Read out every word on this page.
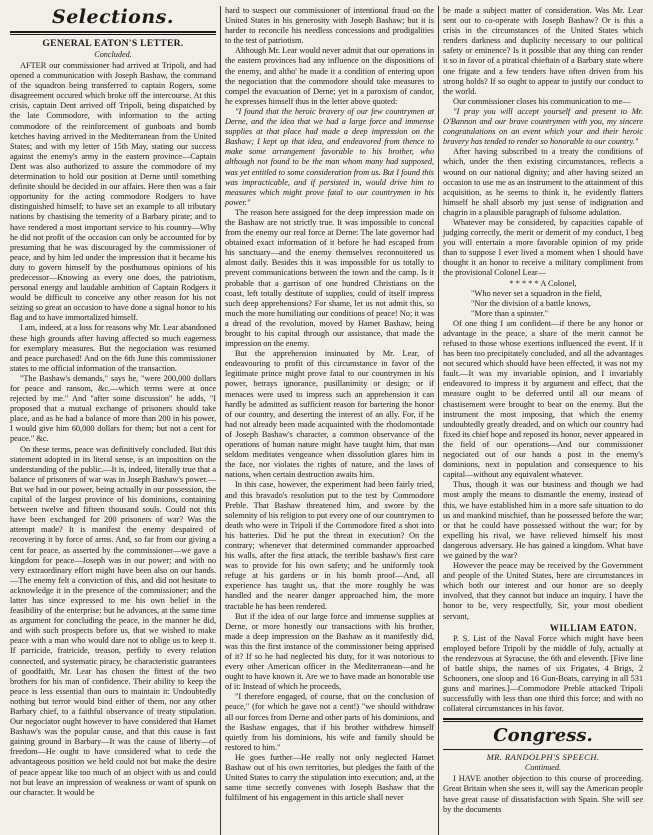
Selections.
GENERAL EATON'S LETTER.
Concluded.

AFTER our commissioner had arrived at Tripoli, and had opened a communication with Joseph Bashaw, the command of the squadron being transferred to captain Rogers, some disagreement occured which broke off the intercourse. At this crisis, captain Dent arrived off Tripoli, being dispatched by the late Commodore, with information to the acting commodore of the reinforcement of gunboats and bomb ketches having arrived in the Mediterranean from the United States; and with my letter of 15th May, stating our success against the enemy's army in the eastern province—Captain Dent was also authorized to assure the commodore of my determination to hold our position at Derne until something definite should be decided in our affairs. Here then was a fair opportunity for the acting commodore Rodgers to have distinguished himself; to have set an example to all tributary nations by chastising the temerity of a Barbary pirate; and to have rendered a most important service to his country—Why he did not profit of the occasion can only be accounted for by presuming that he was discouraged by the commissioner of peace, and by him led under the impression that it became his duty to govern himself by the posthumous opinions of his predecessor—Knowing as every one does, the patriotism, personal energy and laudable ambition of Captain Rodgers it would be difficult to conceive any other reason for his not seizing so great an occasion to have done a signal honor to his flag and to have immortalized himself.

I am, indeed, at a loss for reasons why Mr. Lear abandoned these high grounds after having affected so much eagerness for exemplary measures. But the negociation was resumed and peace purchased! And on the 6th June this commissioner states to me official information of the transaction.

"The Bashaw's demands," says he, "were 200,000 dollars for peace and ransom, &c.—which terms were at once rejected by me." And "after some discussion" he adds, "I proposed that a mutual exchange of prisoners should take place, and as he had a balance of more than 200 in his power, I would give him 60,000 dollars for them; but not a cent for peace." &c.

On these terms, peace was definitively concluded. But this statement adopted in its literal sense, is an imposition on the understanding of the public.—It is, indeed, literally true that a balance of prisoners of war was in Joseph Bashaw's power.—But we had in our power, being actually in our possession, the capital of the largest province of his dominions, containing between twelve and fifteen thousand souls. Could not this have been exchanged for 200 prisoners of war? Was the attempt made? It is manifest the enemy despaired of recovering it by force of arms. And, so far from our giving a cent for peace, as asserted by the commissioner—we gave a kingdom for peace—Joseph was in our power; and with no very extraordinary effort might have been also on our hands.—The enemy felt a conviction of this, and did not hesitate to acknowledge it in the presence of the commissioner; and the latter has since expressed to me his own belief in the feasibility of the enterprise: but he advances, at the same time as argument for concluding the peace, in the manner he did, and with such prospects before us, that we wished to make peace with a man who would dare not to oblige us to keep it. If parricide, fratricide, treason, perfidy to every relation connected, and systematic piracy, be characteristic guarantees of goodfaith, Mr. Lear has chosen the fittest of the two brothers for his man of confidence. Their ability to keep the peace is less essential than ours to maintain it: Undoubtedly nothing but terror would bind either of them, nor any other Barbary chief, to a faithful observance of treaty stipulation. Our negociator ought however to have considered that Hamet Bashaw's was the popular cause, and that this cause is fast gaining ground in Barbary—It was the cause of liberty—of freedom—He ought to have considered what to cede the advantageous position we held could not but make the desire of peace appear like too much of an object with us and could not but leave an impression of weakness or want of spunk on our character. It would be

hard to suspect our commissioner of intentional fraud on the United States in his generosity with Joseph Bashaw; but it is harder to reconcile his needless concessions and prodigalities to the test of patriotism.

Although Mr. Lear would never admit that our operations in the eastern provinces had any influence on the dispositions of the enemy, and altho' he made it a condition of entering upon the negociation that the commodore should take measures to compel the evacuation of Derne; yet in a paroxism of candor, he expresses himself thus in the letter above quoted:

"I found that the heroic bravery of our few countrymen at Derne, and the idea that we had a large force and immense supplies at that place had made a deep impression on the Bashaw; I kept up that idea, and endeavored from thence to make some arrangement favorable to his brother, who although not found to be the man whom many had supposed, was yet entitled to some consideration from us. But I found this was impracticable, and if persisted in, would drive him to measures which might prove fatal to our countrymen in his power."

The reason here assigned for the deep impression made on the Bashaw are not strictly true. It was impossible to conceal from the enemy our real force at Derne: The late governor had obtained exact information of it before he had escaped from his sanctuary—and the enemy themselves reconnoitered us almost daily. Besides this it was impossible for us totally to prevent communications between the town and the camp. Is it probable that a garrison of one hundred Christians on the coast, left totally destitute of supplies, could of itself impress such deep apprehensions? For shame, let us not admit this, so much the more humiliating our conditions of peace! No; it was a dread of the revolution, moved by Hamet Bashaw, being brought to his capital through our assistance, that made the impression on the enemy.

But the apprehension insinuated by Mr. Lear, of endeavouring to profit of this circumstance in favor of the legitimate prince might prove fatal to our countrymen in his power, betrays ignorance, pusillanimity or design; or if menaces were used to impress such an apprehension it can hardly be admitted as sufficient reason for bartering the honor of our country, and deserting the interest of an ally. For, if he had not already been made acquainted with the rhodomontade of Joseph Bashaw's character, a common observance of the operations of human nature might have taught him, that man seldom meditates vengeance when dissolution glares him in the face, nor violates the rights of nature, and the laws of nations, when certain destruction awaits him.

In this case, however, the experiment had been fairly tried, and this bravado's resolution put to the test by Commodore Preble. That Bashaw threatened him, and swore by the solemnity of his religion to put every one of our countrymen to death who were in Tripoli if the Commodore fired a shot into his batteries. Did he put the threat in execution? On the contrary; whenever that determined commander approached his walls, after the first attack, the terrible bashaw's first care was to provide for his own safety; and he uniformly took refuge at his gardens or in his bomb proof—And, all experience has taught us, that the more roughly he was handled and the nearer danger approached him, the more tractable he has been rendered.

But if the idea of our large force and immense supplies at Derne, or more honestly our transactions with his brother, made a deep impression on the Bashaw as it manifestly did, was this the first instance of the commissioner being apprised of it? If so he had neglected his duty, for it was notorious to every other American officer in the Mediterranean—and he ought to have known it. Are we to have made an honorable use of it: Instead of which he proceeds,

"I therefore engaged, of course, that on the conclusion of peace," (for which he gave not a cent!) "we should withdraw all our forces from Derne and other parts of his dominions, and the Bashaw engages, that if his brother withdrew himself quietly from his dominions, his wife and family should be restored to him."

He goes further—He really not only neglected Hamet Bashaw out of his own territories, but pledges the faith of the United States to carry the stipulation into execution; and, at the same time secretly convenes with Joseph Bashaw that the fulfilment of his engagement in this article shall never

be made a subject matter of consideration. Was Mr. Lear sent out to co-operate with Joseph Bashaw? Or is this a crisis in the circumstances of the United States which renders darkness and duplicity necessary to our political safety or eminence? Is it possible that any thing can render it so in favor of a piratical chieftain of a Barbary state where one frigate and a few tenders have often driven from his strong holds? If so ought to appear to justify our conduct to the world.

Our commissioner closes his communication to me—

"I pray you will accept yourself and present to Mr. O'Bannon and our brave countrymen with you, my sincere congratulations on an event which your and their heroic bravery has tended to render so honorable to our country."

After having subscribed to a treaty the conditions of which, under the then existing circumstances, reflects a wound on our national dignity; and after having seized an occasion to use me as an instrument to the attainment of this acquisition, as he seems to think it, he evidently flatters himself he shall absorb my just sense of indignation and chagrin in a plausible paragraph of fulsome adulation.

Whatever may be considered, by capacities capable of judging correctly, the merit or demerit of my conduct, I beg you will entertain a more favorable opinion of my pride than to suppose I ever lived a moment when I should have thought it an honor to receive a military compliment from the provisional Colonel Lear—

* * * * * A Colonel,

"Who never set a squadron in the field,

"Nor the division of a battle knows,

"More than a spinster."

Of one thing I am confident—if there be any honor or advantage in the peace, a share of the merit cannot be refused to those whose exertions influenced the event. If it has been too precipitately concluded, and all the advantages not secured which should have been effected, it was not my fault.—It was my invariable opinion, and I invariably endeavored to impress it by argument and effect, that the measure ought to be deferred until all our means of chastisement were brought to bear on the enemy. But the instrument the most imposing, that which the enemy undoubtedly greatly dreaded, and on which our country had fixed its chief hope and reposed its honor, never appeared in the field of our operations—And our commissioner negociated out of our hands a post in the enemy's dominions, next in population and consequence to his capital—without any equivalent whatever.

Thus, though it was our business and though we had most amply the means to dismantle the enemy, instead of this, we have established him in a more safe situation to do us and mankind mischief, than he possessed before the war; or that he could have possessed without the war; for by expelling his rival, we have relieved himself his most dangerous adversary. He has gained a kingdom. What have we gained by the war?

However the peace may be received by the Government and people of the United States, here are circumstances in which both our interest and our honor are so deeply involved, that they cannot but induce an inquiry. I have the honor to be, very respectfully, Sir, your most obedient servant,

WILLIAM EATON.

P. S. List of the Naval Force which might have been employed before Tripoli by the middle of July, actually at the rendezvous at Syracuse, the 6th and eleventh. [Five line of battle ships, the names of six Frigates, 4 Brigs, 2 Schooners, one sloop and 16 Gun-Boats, carrying in all 531 guns and marines.]—Commodore Preble attacked Tripoli successfully with less than one third this force; and with no collateral circumstances in his favor.

Congress.
MR. RANDOLPH'S SPEECH.
Continued.

I HAVE another objection to this course of proceeding. Great Britain when she sees it, will say the American people have great cause of dissatisfaction with Spain. She will see by the documents
